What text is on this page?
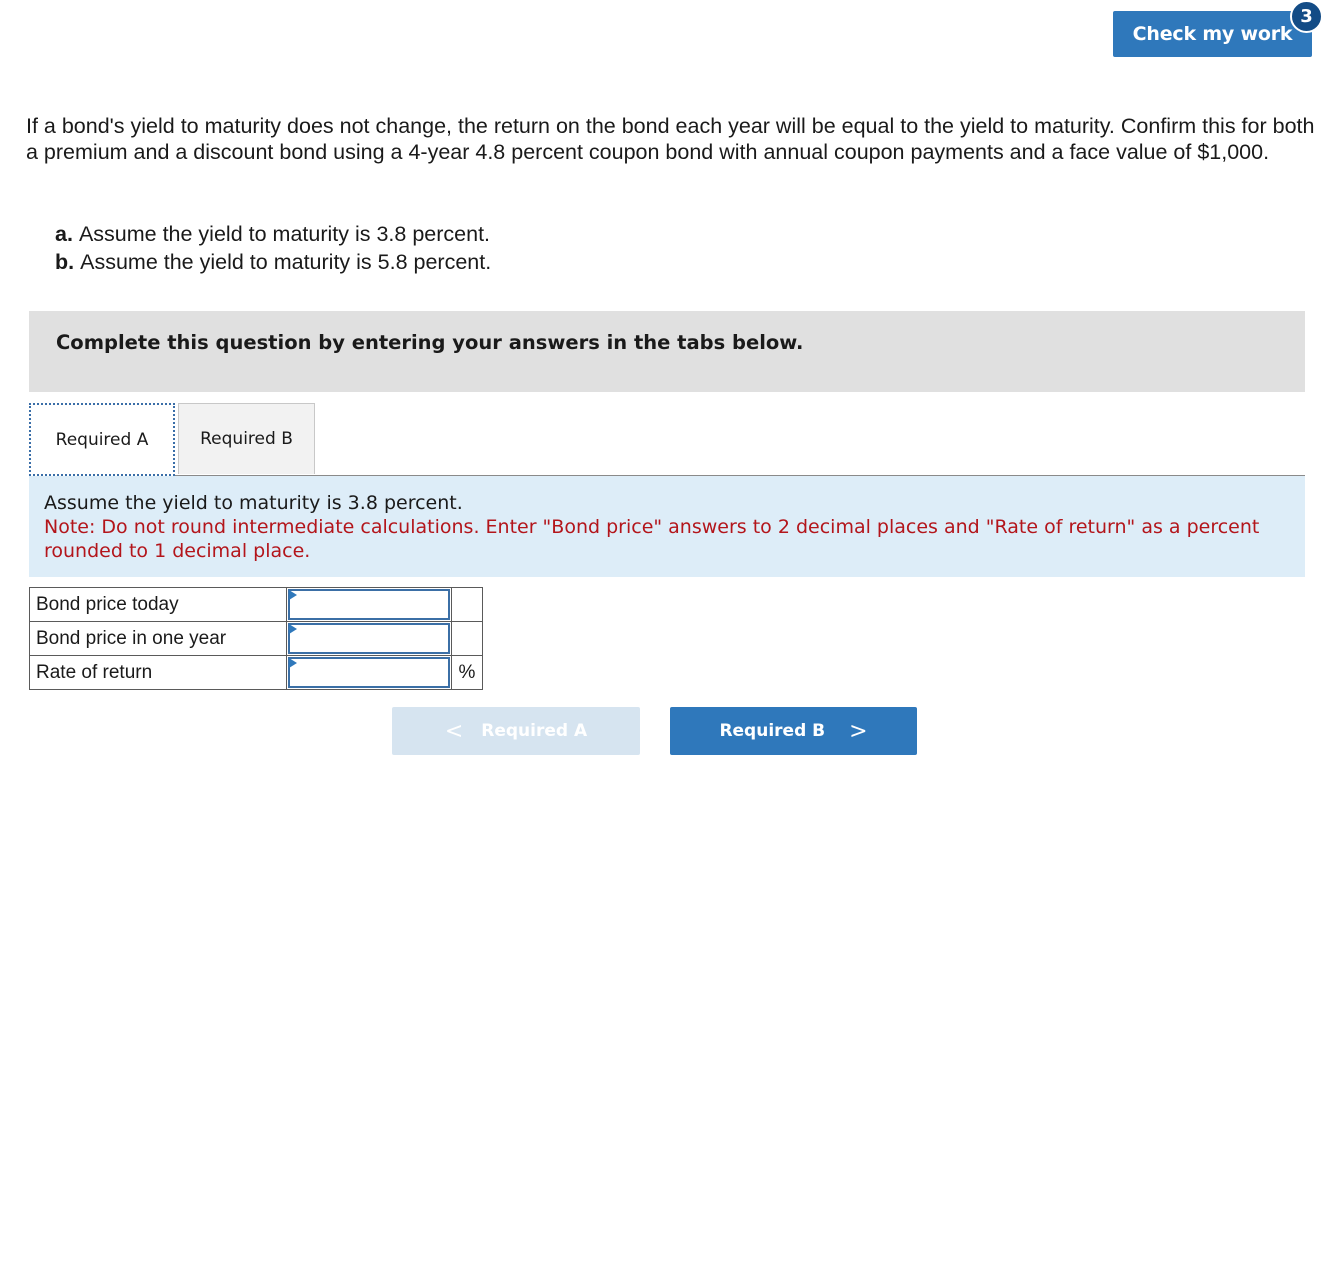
Check my work
3

If a bond's yield to maturity does not change, the return on the bond each year will be equal to the yield to maturity. Confirm this for both a premium and a discount bond using a 4-year 4.8 percent coupon bond with annual coupon payments and a face value of $1,000.

a. Assume the yield to maturity is 3.8 percent.
b. Assume the yield to maturity is 5.8 percent.
Complete this question by entering your answers in the tabs below.
Required A	Required B
Assume the yield to maturity is 3.8 percent.
Note: Do not round intermediate calculations. Enter "Bond price" answers to 2 decimal places and "Rate of return" as a percent rounded to 1 decimal place.
Bond price today	

Bond price in one year	

Rate of return		%
< Required A	Required B >
